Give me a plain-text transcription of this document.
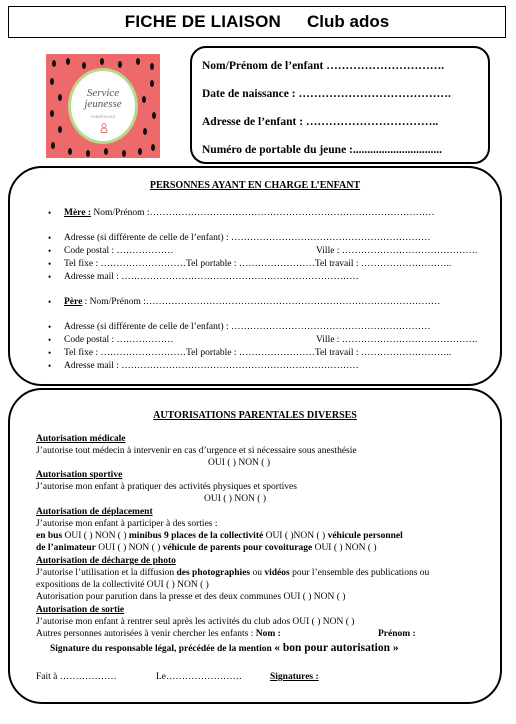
FICHE DE LIAISON Club ados
Service
jeunesse
FABRÈGUES
Nom/Prénom de l’enfant ………………………….
Date de naissance : ………………………………….
Adresse de l’enfant : ……………………………..
Numéro de portable du jeune :...............................
PERSONNES AYANT EN CHARGE L’ENFANT
• Mère : Nom/Prénom :………………………………………………………………………………
• Adresse (si différente de celle de l’enfant) : ………………………………………………………
• Code postal : ………………	Ville : …………………………………….
• Tel fixe : ………………………Tel portable : ……………………Tel travail : ………………………..
• Adresse mail : …………………………………………………………………
• Père : Nom/Prénom :…………………………………………………………………………………
• Adresse (si différente de celle de l’enfant) : ………………………………………………………
• Code postal : ………………	Ville : …………………………………….
• Tel fixe : ………………………Tel portable : ……………………Tel travail : ………………………..
• Adresse mail : …………………………………………………………………
AUTORISATIONS PARENTALES DIVERSES
Autorisation médicale
J’autorise tout médecin à intervenir en cas d’urgence et si nécessaire sous anesthésie
OUI ( ) NON ( )
Autorisation sportive
J’autorise mon enfant à pratiquer des activités physiques et sportives
OUI ( ) NON ( )
Autorisation de déplacement
J’autorise mon enfant à participer à des sorties :
en bus OUI ( ) NON ( ) minibus 9 places de la collectivité OUI ( )NON ( ) véhicule personnel
de l’animateur OUI ( ) NON ( ) véhicule de parents pour covoiturage OUI ( ) NON ( )
Autorisation de décharge de photo
J’autorise l’utilisation et la diffusion des photographies ou vidéos pour l’ensemble des publications ou
expositions de la collectivité OUI ( ) NON ( )
Autorisation pour parution dans la presse et des deux communes OUI ( ) NON ( )
Autorisation de sortie
J’autorise mon enfant à rentrer seul après les activités du club ados OUI ( ) NON ( )
Autres personnes autorisées à venir chercher les enfants : Nom :	Prénom :
Signature du responsable légal, précédée de la mention « bon pour autorisation »
Fait à ………………	Le……………………	Signatures :
